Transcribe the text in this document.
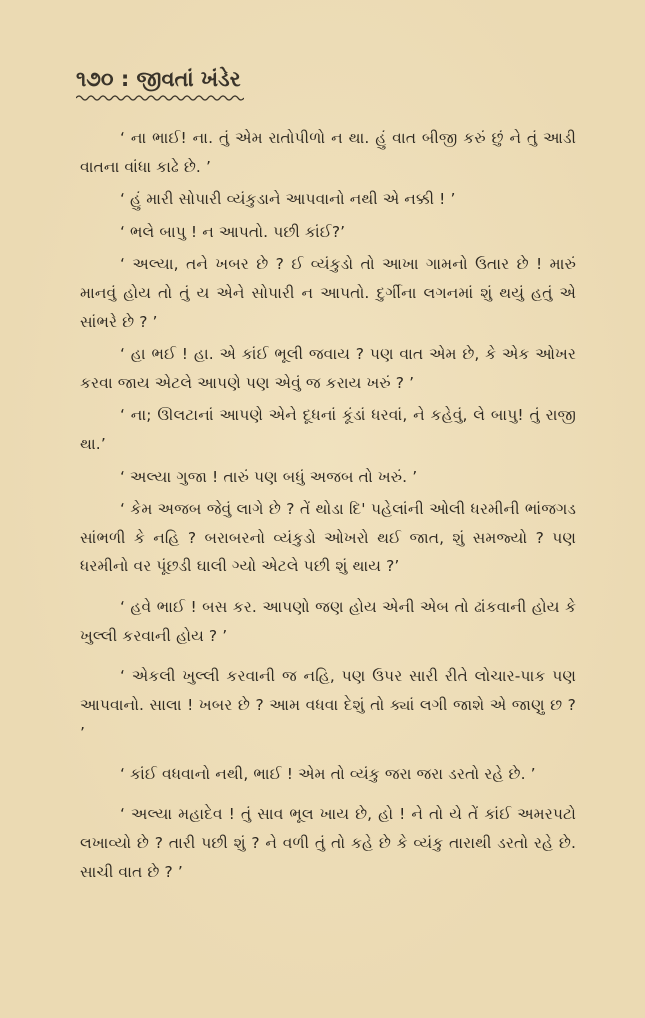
૧૭૦ : જીવતાં ખંડેર

‘ ના ભાઈ! ના. તું એમ રાતોપીળો ન થા. હું વાત બીજી કરું છું ને તું આડી વાતના વાંધા કાઢે છે. ’

‘ હું મારી સોપારી વ્યંકુડાને આપવાનો નથી એ નક્કી ! ’

‘ ભલે બાપુ ! ન આપતો. પછી કાંઈ?’

‘ અલ્યા, તને ખબર છે ? ઈ વ્યંકુડો તો આખા ગામનો ઉતાર છે ! મારું માનવું હોય તો તું ય એને સોપારી ન આપતો. દુર્ગીના લગનમાં શું થયું હતું એ સાંભરે છે ? ’

‘ હા ભઈ ! હા. એ કાંઈ ભૂલી જવાય ? પણ વાત એમ છે, કે એક ઓખર કરવા જાય એટલે આપણે પણ એવું જ કરાય ખરું ? ’

‘ ના; ઊલટાનાં આપણે એને દૂધનાં કૂંડાં ધરવાં, ને કહેવું, લે બાપુ! તું રાજી થા.’

‘ અલ્યા ગુજા ! તારું પણ બધું અજબ તો ખરું. ’

‘ કેમ અજબ જેવું લાગે છે ? તેં થોડા દિ' પહેલાંની ઓલી ધરમીની ભાંજગડ સાંભળી કે નહિ ? બરાબરનો વ્યંકુડો ઓખરો થઈ જાત, શું સમજ્યો ? પણ ધરમીનો વર પૂંછડી ઘાલી ગ્યો એટલે પછી શું થાય ?’

‘ હવે ભાઈ ! બસ કર. આપણો જણ હોય એની એબ તો ઢાંકવાની હોય કે ખુલ્લી કરવાની હોય ? ’

‘ એકલી ખુલ્લી કરવાની જ નહિ, પણ ઉપર સારી રીતે લોચાર-પાક પણ આપવાનો. સાલા ! ખબર છે ? આમ વધવા દેશું તો ક્યાં લગી જાશે એ જાણુ છ ? ’

‘ કાંઈ વધવાનો નથી, ભાઈ ! એમ તો વ્યંકુ જરા જરા ડરતો રહે છે. ’

‘ અલ્યા મહાદેવ ! તું સાવ ભૂલ ખાય છે, હો ! ને તો યે તેં કાંઈ અમરપટો લખાવ્યો છે ? તારી પછી શું ? ને વળી તું તો કહે છે કે વ્યંકુ તારાથી ડરતો રહે છે. સાચી વાત છે ? ’
